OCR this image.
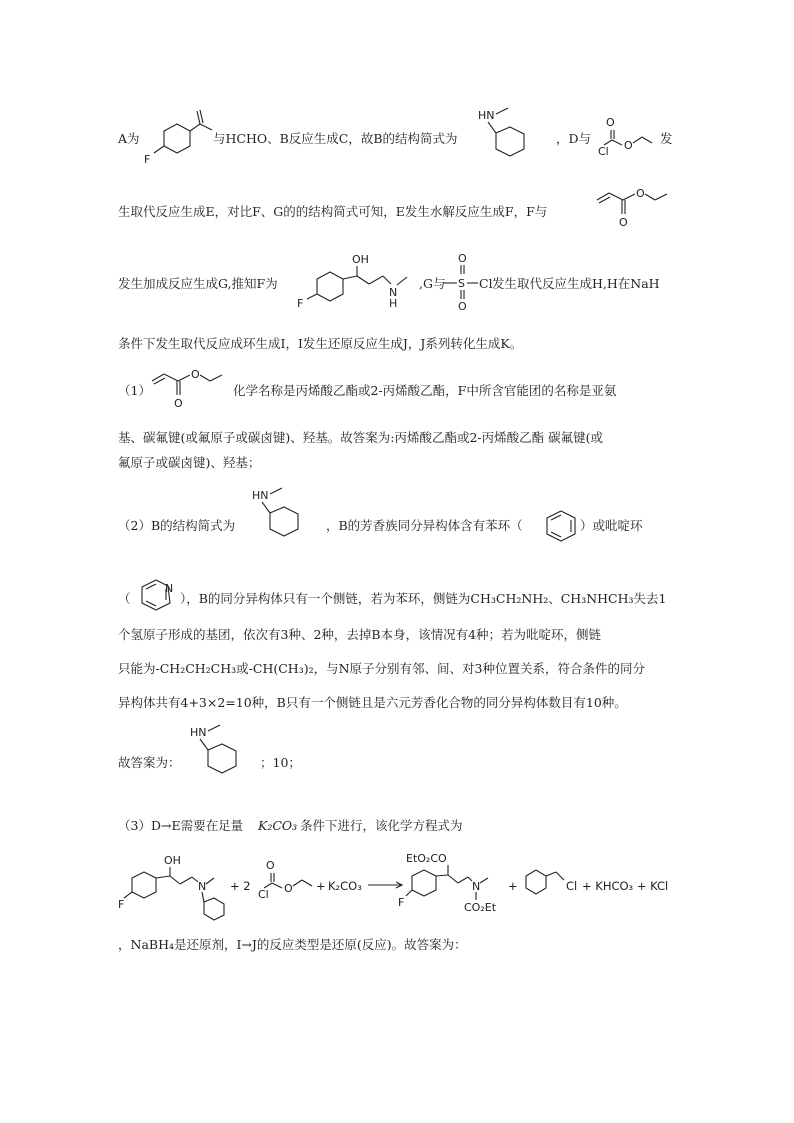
A为
F
与HCHO、B反应生成C，故B的结构简式为
HN
，D与
O
Cl O 发
生取代反应生成E，对比F、G的的结构简式可知，E发生水解反应生成F，F与
O
O
发生加成反应生成G,推知F为
OH
N
H
F
,G与
O
S
O
Cl 发生取代反应生成H,H在NaH
条件下发生取代反应成环生成I，I发生还原反应生成J，J系列转化生成K。
（1）
O
O
化学名称是丙烯酸乙酯或2-丙烯酸乙酯，F中所含官能团的名称是亚氨
基、碳氟键(或氟原子或碳卤键)、羟基。故答案为:丙烯酸乙酯或2-丙烯酸乙酯 碳氟键(或
氟原子或碳卤键)、羟基；
（2）B的结构简式为
HN
，B的芳香族同分异构体含有苯环（	）或吡啶环
（
N
），B的同分异构体只有一个侧链，若为苯环，侧链为CH₃CH₂NH₂、CH₃NHCH₃失去1
个氢原子形成的基团，依次有3种、2种，去掉B本身，该情况有4种；若为吡啶环，侧链
只能为-CH₂CH₂CH₃或-CH(CH₃)₂，与N原子分别有邻、间、对3种位置关系，符合条件的同分
异构体共有4+3×2=10种，B只有一个侧链且是六元芳香化合物的同分异构体数目有10种。
故答案为：
HN
；10；
（3）D→E需要在足量 K₂CO₃ 条件下进行，该化学方程式为
OH
N
F
+ 2
O
Cl O + K₂CO₃ →
EtO₂CO
N
CO₂Et
F
+	Cl + KHCO₃ + KCl
，NaBH₄是还原剂，I→J的反应类型是还原(反应)。故答案为：
